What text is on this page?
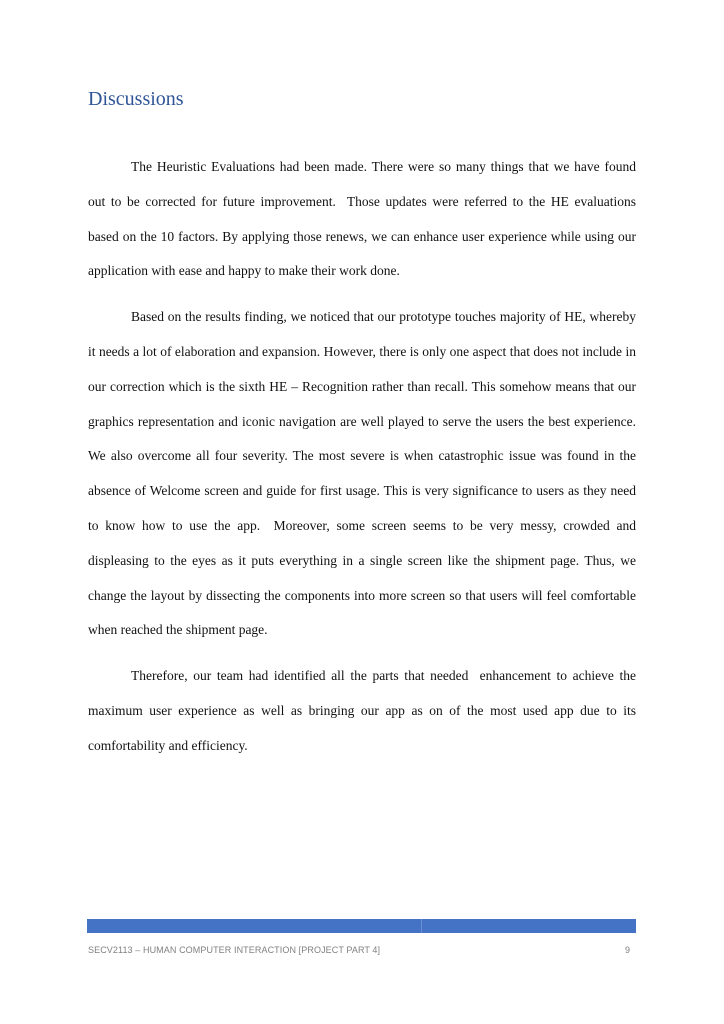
Discussions

The Heuristic Evaluations had been made. There were so many things that we have found out to be corrected for future improvement.  Those updates were referred to the HE evaluations based on the 10 factors. By applying those renews, we can enhance user experience while using our application with ease and happy to make their work done.

Based on the results finding, we noticed that our prototype touches majority of HE, whereby it needs a lot of elaboration and expansion. However, there is only one aspect that does not include in our correction which is the sixth HE – Recognition rather than recall. This somehow means that our graphics representation and iconic navigation are well played to serve the users the best experience. We also overcome all four severity. The most severe is when catastrophic issue was found in the absence of Welcome screen and guide for first usage. This is very significance to users as they need to know how to use the app.  Moreover, some screen seems to be very messy, crowded and displeasing to the eyes as it puts everything in a single screen like the shipment page. Thus, we change the layout by dissecting the components into more screen so that users will feel comfortable when reached the shipment page.

Therefore, our team had identified all the parts that needed  enhancement to achieve the maximum user experience as well as bringing our app as on of the most used app due to its comfortability and efficiency.

SECV2113 – HUMAN COMPUTER INTERACTION [PROJECT PART 4]	9
